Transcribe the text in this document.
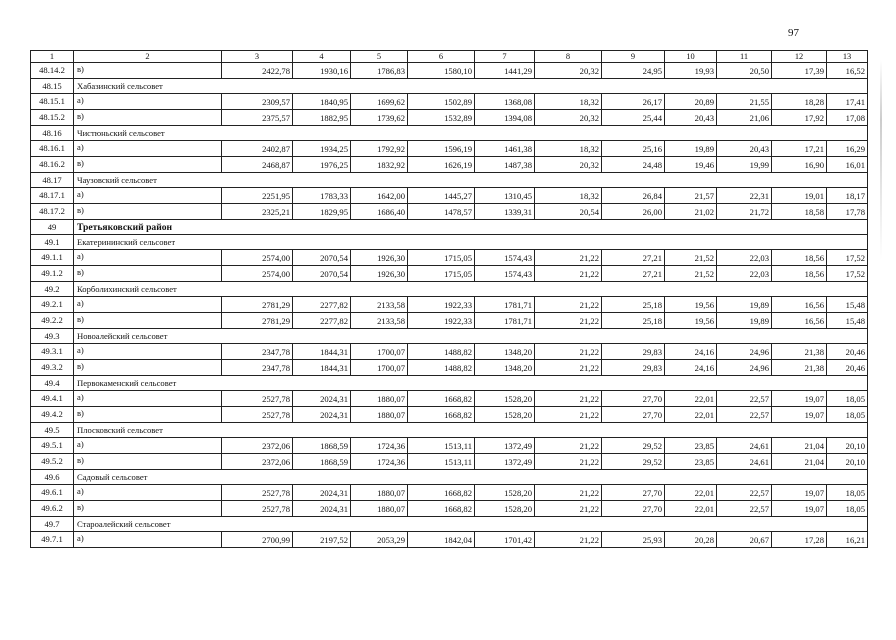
97
1	2	3	4	5	6	7	8	9	10	11	12	13
48.14.2	в)	2422,78	1930,16	1786,83	1580,10	1441,29	20,32	24,95	19,93	20,50	17,39	16,52
48.15	Хабазинский сельсовет											
48.15.1	а)	2309,57	1840,95	1699,62	1502,89	1368,08	18,32	26,17	20,89	21,55	18,28	17,41
48.15.2	в)	2375,57	1882,95	1739,62	1532,89	1394,08	20,32	25,44	20,43	21,06	17,92	17,08
48.16	Чистюньский сельсовет											
48.16.1	а)	2402,87	1934,25	1792,92	1596,19	1461,38	18,32	25,16	19,89	20,43	17,21	16,29
48.16.2	в)	2468,87	1976,25	1832,92	1626,19	1487,38	20,32	24,48	19,46	19,99	16,90	16,01
48.17	Чаузовский сельсовет											
48.17.1	а)	2251,95	1783,33	1642,00	1445,27	1310,45	18,32	26,84	21,57	22,31	19,01	18,17
48.17.2	в)	2325,21	1829,95	1686,40	1478,57	1339,31	20,54	26,00	21,02	21,72	18,58	17,78
49	Третьяковский район											
49.1	Екатерининский сельсовет											
49.1.1	а)	2574,00	2070,54	1926,30	1715,05	1574,43	21,22	27,21	21,52	22,03	18,56	17,52
49.1.2	в)	2574,00	2070,54	1926,30	1715,05	1574,43	21,22	27,21	21,52	22,03	18,56	17,52
49.2	Корболихинский сельсовет											
49.2.1	а)	2781,29	2277,82	2133,58	1922,33	1781,71	21,22	25,18	19,56	19,89	16,56	15,48
49.2.2	в)	2781,29	2277,82	2133,58	1922,33	1781,71	21,22	25,18	19,56	19,89	16,56	15,48
49.3	Новоалейский сельсовет											
49.3.1	а)	2347,78	1844,31	1700,07	1488,82	1348,20	21,22	29,83	24,16	24,96	21,38	20,46
49.3.2	в)	2347,78	1844,31	1700,07	1488,82	1348,20	21,22	29,83	24,16	24,96	21,38	20,46
49.4	Первокаменский сельсовет											
49.4.1	а)	2527,78	2024,31	1880,07	1668,82	1528,20	21,22	27,70	22,01	22,57	19,07	18,05
49.4.2	в)	2527,78	2024,31	1880,07	1668,82	1528,20	21,22	27,70	22,01	22,57	19,07	18,05
49.5	Плосковский сельсовет											
49.5.1	а)	2372,06	1868,59	1724,36	1513,11	1372,49	21,22	29,52	23,85	24,61	21,04	20,10
49.5.2	в)	2372,06	1868,59	1724,36	1513,11	1372,49	21,22	29,52	23,85	24,61	21,04	20,10
49.6	Садовый сельсовет											
49.6.1	а)	2527,78	2024,31	1880,07	1668,82	1528,20	21,22	27,70	22,01	22,57	19,07	18,05
49.6.2	в)	2527,78	2024,31	1880,07	1668,82	1528,20	21,22	27,70	22,01	22,57	19,07	18,05
49.7	Староалейский сельсовет											
49.7.1	а)	2700,99	2197,52	2053,29	1842,04	1701,42	21,22	25,93	20,28	20,67	17,28	16,21
